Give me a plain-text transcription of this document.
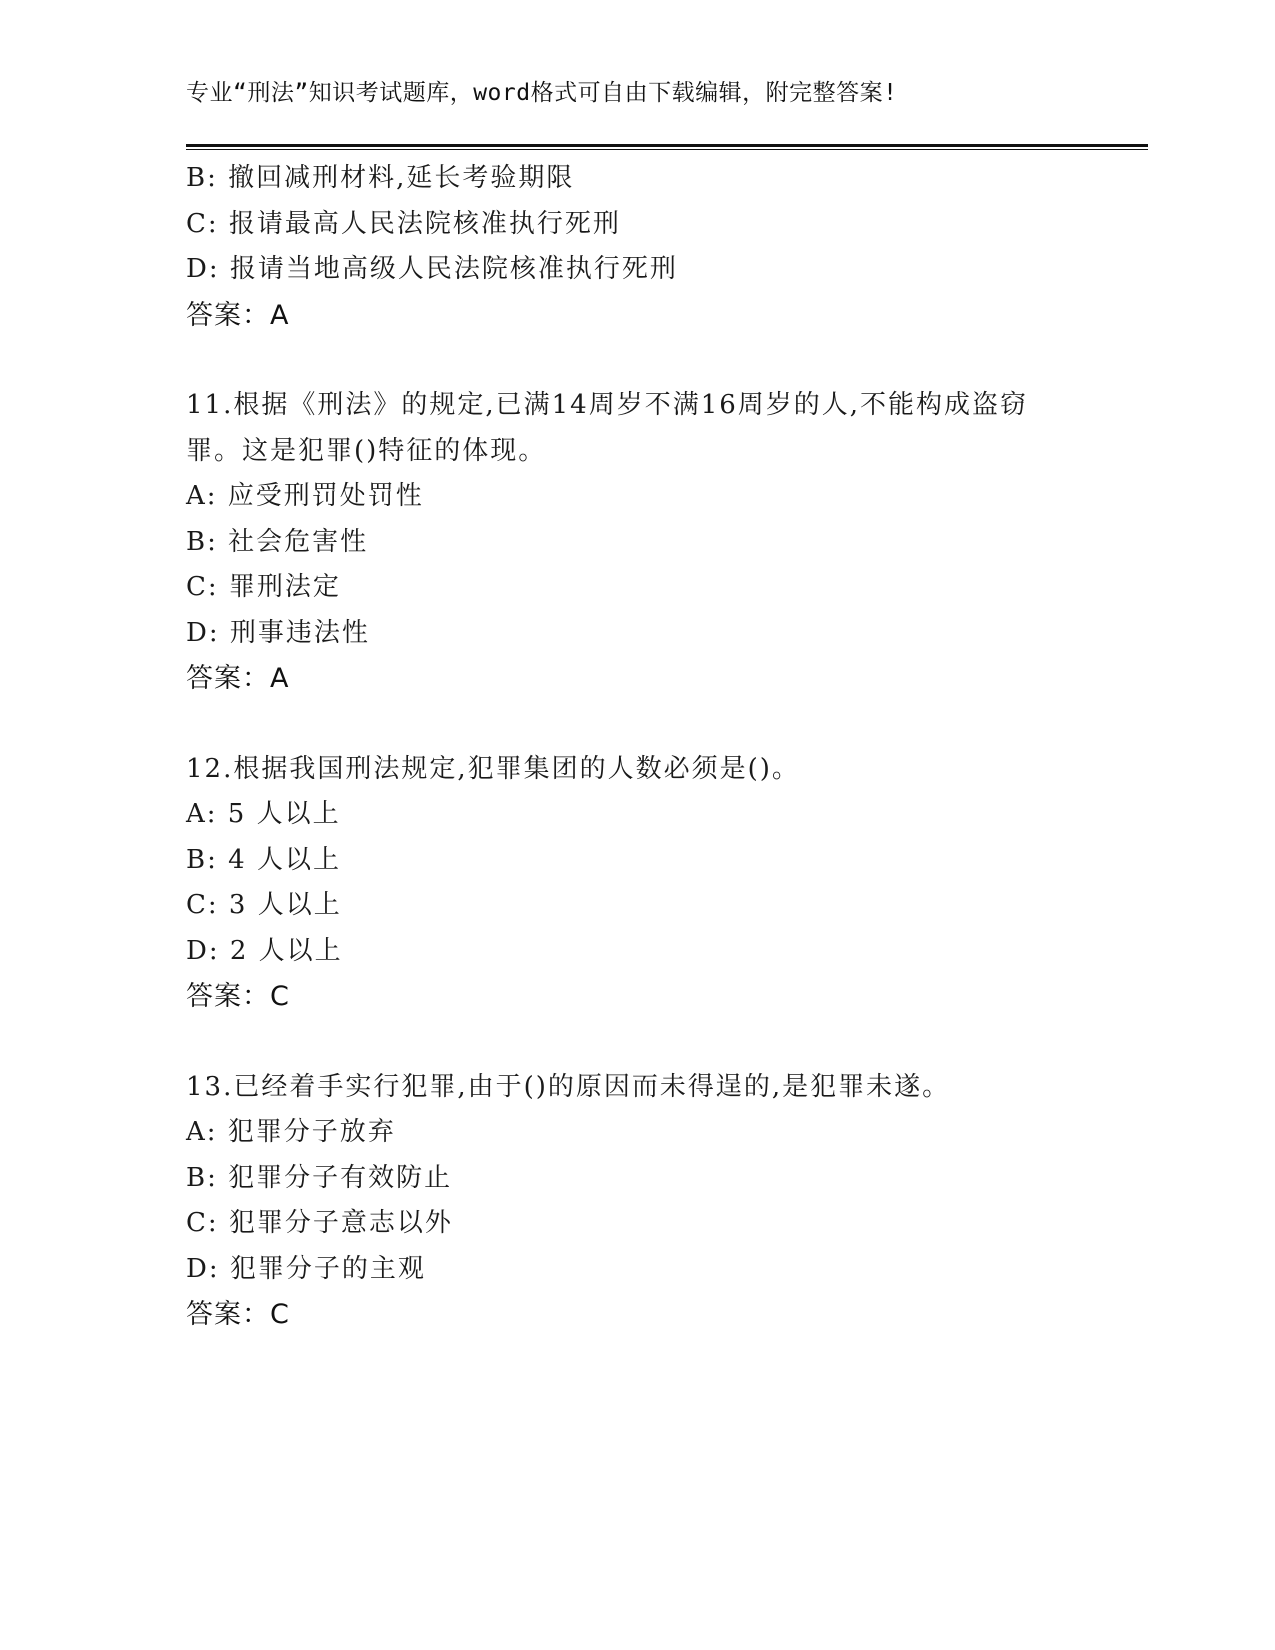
专业“刑法”知识考试题库，word格式可自由下载编辑，附完整答案!
B: 撤回减刑材料,延长考验期限
C: 报请最高人民法院核准执行死刑
D: 报请当地高级人民法院核准执行死刑
答案：A
11.根据《刑法》的规定,已满14周岁不满16周岁的人,不能构成盗窃
罪。这是犯罪()特征的体现。
A: 应受刑罚处罚性
B: 社会危害性
C: 罪刑法定
D: 刑事违法性
答案：A
12.根据我国刑法规定,犯罪集团的人数必须是()。
A: 5 人以上
B: 4 人以上
C: 3 人以上
D: 2 人以上
答案：C
13.已经着手实行犯罪,由于()的原因而未得逞的,是犯罪未遂。
A: 犯罪分子放弃
B: 犯罪分子有效防止
C: 犯罪分子意志以外
D: 犯罪分子的主观
答案：C
